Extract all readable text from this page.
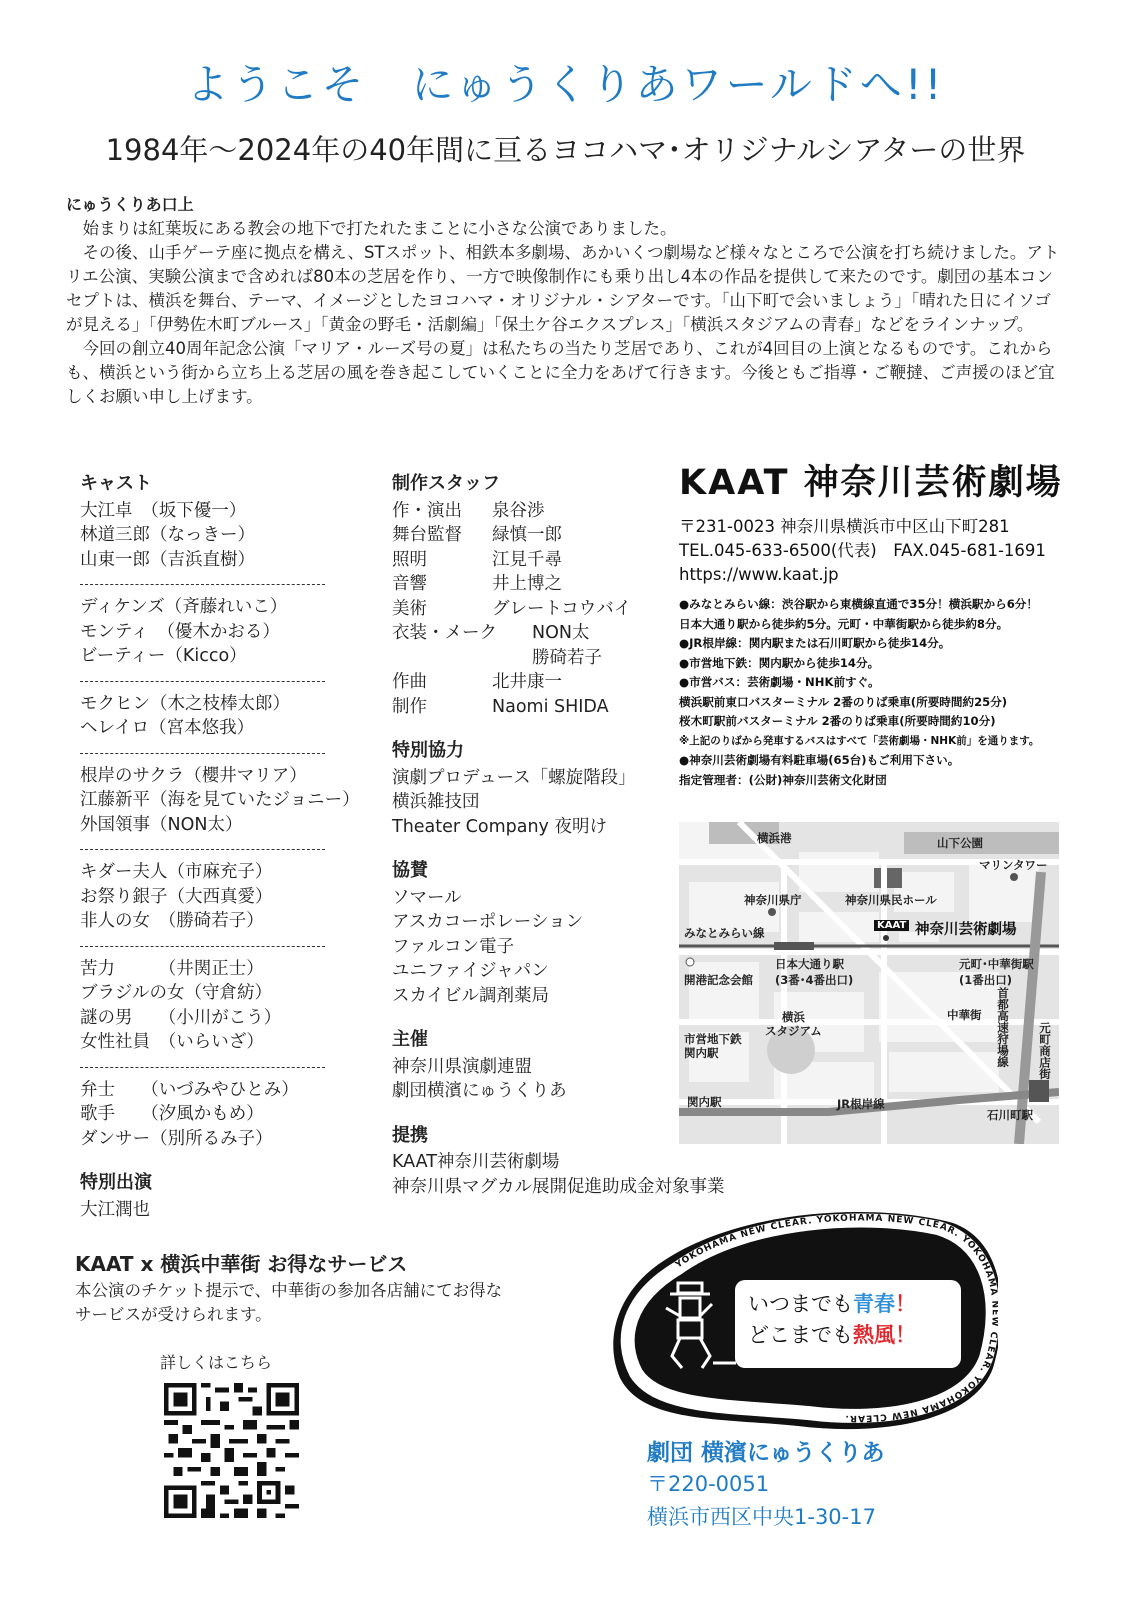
ようこそ　にゅうくりあワールドへ!!
1984年～2024年の40年間に亘るヨコハマ･オリジナルシアターの世界
にゅうくりあ口上

始まりは紅葉坂にある教会の地下で打たれたまことに小さな公演でありました。

その後、山手ゲーテ座に拠点を構え、STスポット、相鉄本多劇場、あかいくつ劇場など様々なところで公演を打ち続けました。アトリエ公演、実験公演まで含めれば80本の芝居を作り、一方で映像制作にも乗り出し4本の作品を提供して来たのです。劇団の基本コンセプトは、横浜を舞台、テーマ、イメージとしたヨコハマ・オリジナル・シアターです。「山下町で会いましょう」「晴れた日にイソゴが見える」「伊勢佐木町ブルース」「黄金の野毛・活劇編」「保土ケ谷エクスプレス」「横浜スタジアムの青春」などをラインナップ。

今回の創立40周年記念公演「マリア・ルーズ号の夏」は私たちの当たり芝居であり、これが4回目の上演となるものです。これからも、横浜という街から立ち上る芝居の風を巻き起こしていくことに全力をあげて行きます。今後ともご指導・ご鞭撻、ご声援のほど宜しくお願い申し上げます。

キャスト
大江卓　（坂下優一）
林道三郎（なっきー）
山東一郎（吉浜直樹）
ディケンズ（斉藤れいこ）
モンティ　（優木かおる）
ビーティー（Kicco）
モクヒン（木之枝棒太郎）
ヘレイロ（宮本悠我）
根岸のサクラ（櫻井マリア）
江藤新平（海を見ていたジョニー）
外国領事（NON太）
キダー夫人（市麻充子）
お祭り銀子（大西真愛）
非人の女　（勝碕若子）
苦力　　　（井関正士）
ブラジルの女（守倉紡）
謎の男　　（小川がこう）
女性社員　（いらいざ）
弁士　　（いづみやひとみ）
歌手　　（汐風かもめ）
ダンサー（別所るみ子）
特別出演
大江潤也
制作スタッフ
作・演出	泉谷渉
舞台監督	緑慎一郎
照明	江見千尋
音響	井上博之
美術	グレートコウバイ
衣装・メーク	NON太
勝碕若子
作曲	北井康一
制作	Naomi SHIDA
特別協力
演劇プロデュース「螺旋階段」
横浜雑技団
Theater Company 夜明け
協賛
ソマール
アスカコーポレーション
ファルコン電子
ユニファイジャパン
スカイビル調剤薬局
主催
神奈川県演劇連盟
劇団横濱にゅうくりあ
提携
KAAT神奈川芸術劇場
神奈川県マグカル展開促進助成金対象事業
KAAT 神奈川芸術劇場
〒231-0023 神奈川県横浜市中区山下町281
TEL.045-633-6500(代表)　FAX.045-681-1691
https://www.kaat.jp
●みなとみらい線：渋谷駅から東横線直通で35分！横浜駅から6分！
日本大通り駅から徒歩約5分。元町・中華街駅から徒歩約8分。
●JR根岸線：関内駅または石川町駅から徒歩14分。
●市営地下鉄：関内駅から徒歩14分。
●市営バス：芸術劇場・NHK前すぐ。
横浜駅前東口バスターミナル 2番のりば乗車(所要時間約25分)
桜木町駅前バスターミナル 2番のりば乗車(所要時間約10分)
※上記のりばから発車するバスはすべて「芸術劇場・NHK前」を通ります。
●神奈川芸術劇場有料駐車場(65台)もご利用下さい。
指定管理者：(公財)神奈川芸術文化財団
横浜港	山下公園
マリンタワー
神奈川県庁	神奈川県民ホール
みなとみらい線
KAAT 神奈川芸術劇場
日本大通り駅
(3番･4番出口)
元町･中華街駅
(1番出口)
開港記念会館
横浜
スタジアム
中華街 首都高速狩場線 元町商店街
市営地下鉄
関内駅
関内駅	JR根岸線
石川町駅
KAAT x 横浜中華街 お得なサービス
本公演のチケット提示で、中華街の参加各店舗にてお得なサービスが受けられます。
詳しくはこちら
YOKOHAMA NEW CLEAR. YOKOHAMA NEW CLEAR. YOKOHAMA CLEAR. YOKOHAMA NEW CLEAR.
いつまでも青春！
どこまでも熱風！
劇団 横濱にゅうくりあ
〒220-0051
横浜市西区中央1-30-17
